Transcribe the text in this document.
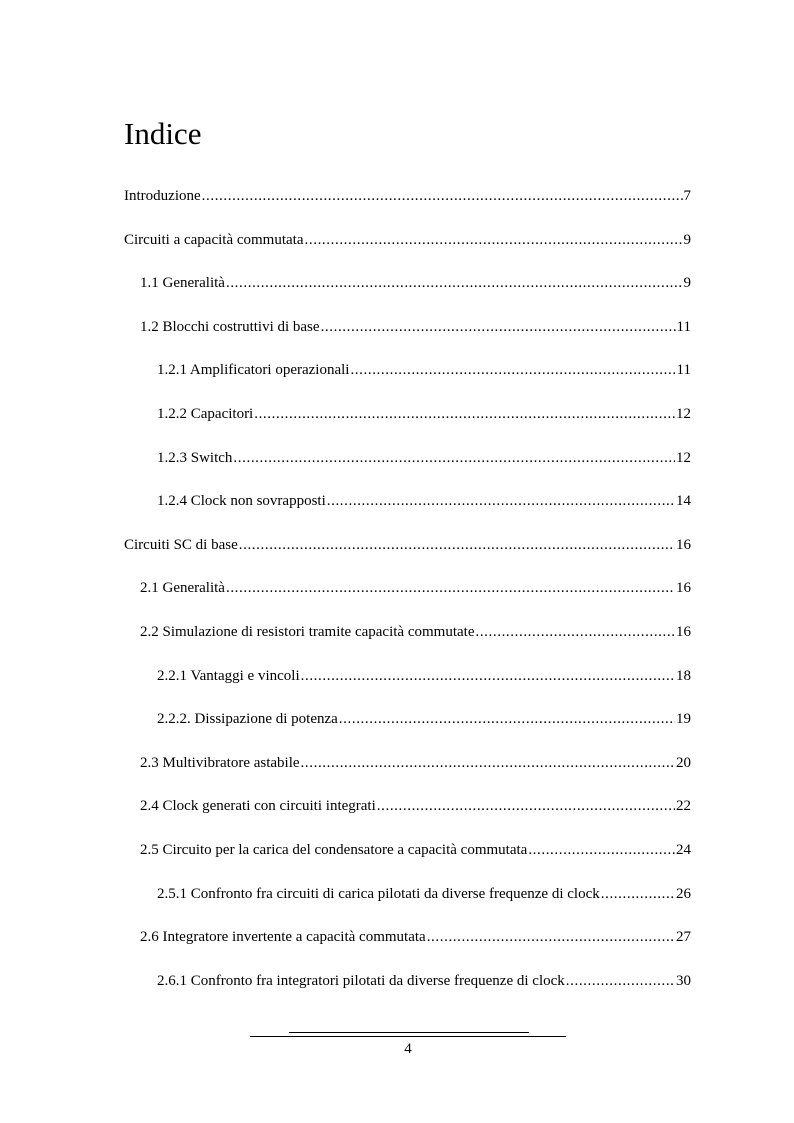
Indice
Introduzione .....	7
Circuiti a capacità commutata .....	9
1.1 Generalità .....	9
1.2 Blocchi costruttivi di base .....	11
1.2.1 Amplificatori operazionali .....	11
1.2.2 Capacitori .....	12
1.2.3 Switch .....	12
1.2.4 Clock non sovrapposti .....	14
Circuiti SC di base .....	16
2.1 Generalità .....	16
2.2 Simulazione di resistori tramite capacità commutate .....	16
2.2.1 Vantaggi e vincoli .....	18
2.2.2. Dissipazione di potenza .....	19
2.3 Multivibratore astabile .....	20
2.4 Clock generati con circuiti integrati .....	22
2.5 Circuito per la carica del condensatore a capacità commutata .....	24
2.5.1 Confronto fra circuiti di carica pilotati da diverse frequenze di clock .....	26
2.6 Integratore invertente a capacità commutata .....	27
2.6.1 Confronto fra integratori pilotati da diverse frequenze di clock .....	30
4
